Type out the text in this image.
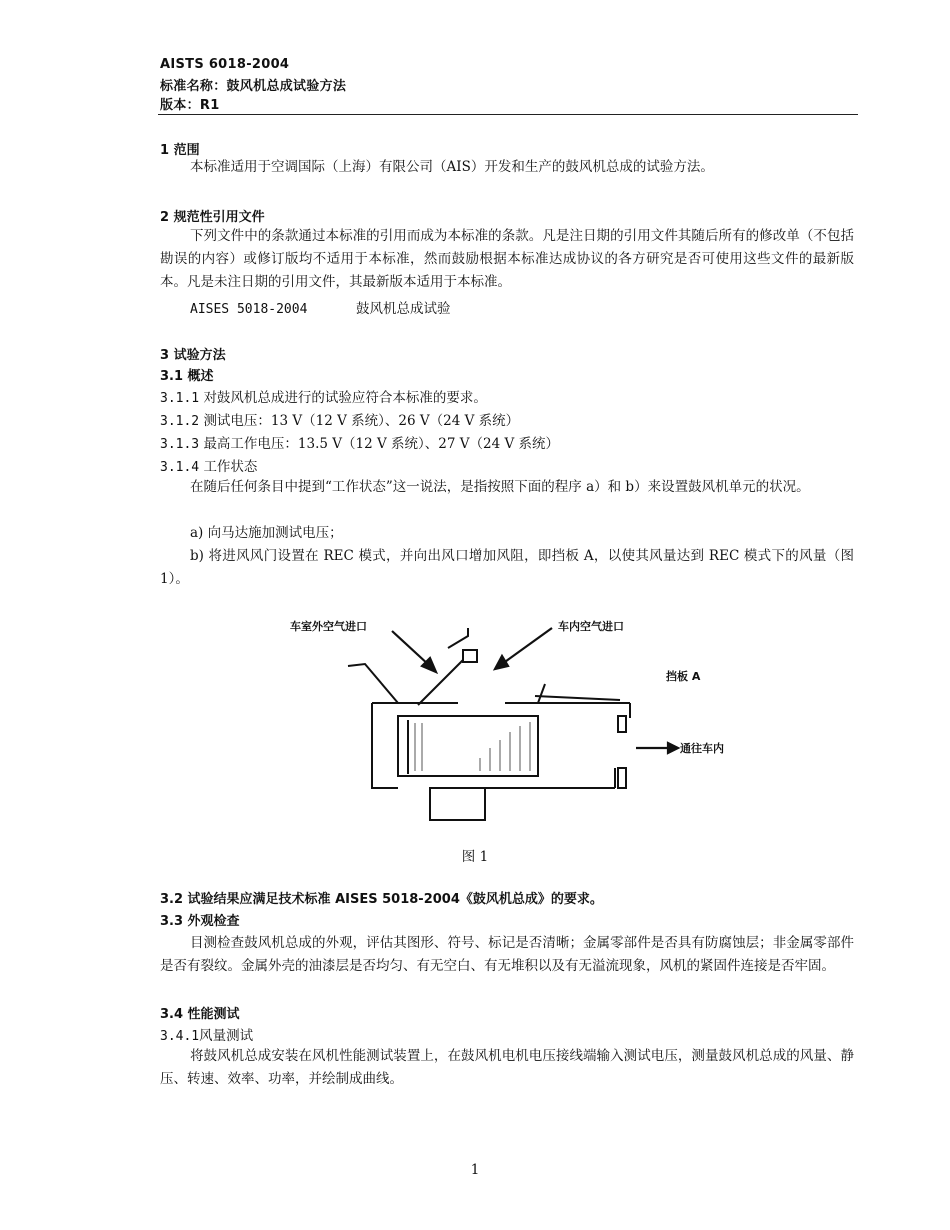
AISTS 6018-2004
标准名称：鼓风机总成试验方法
版本：R1
1 范围

本标准适用于空调国际（上海）有限公司（AIS）开发和生产的鼓风机总成的试验方法。

2 规范性引用文件

下列文件中的条款通过本标准的引用而成为本标准的条款。凡是注日期的引用文件其随后所有的修改单（不包括勘误的内容）或修订版均不适用于本标准，然而鼓励根据本标准达成协议的各方研究是否可使用这些文件的最新版本。凡是未注日期的引用文件，其最新版本适用于本标准。

AISES 5018-2004	鼓风机总成试验
3 试验方法
3.1 概述
3.1.1 对鼓风机总成进行的试验应符合本标准的要求。
3.1.2 测试电压：13 V（12 V 系统）、26 V（24 V 系统）
3.1.3 最高工作电压：13.5 V（12 V 系统）、27 V（24 V 系统）
3.1.4 工作状态

在随后任何条目中提到“工作状态”这一说法，是指按照下面的程序 a）和 b）来设置鼓风机单元的状况。

a) 向马达施加测试电压；

b) 将进风风门设置在 REC 模式，并向出风口增加风阻，即挡板 A，以使其风量达到 REC 模式下的风量（图 1）。

车室外空气进口	车内空气进口
挡板 A
通往车内
图 1
3.2 试验结果应满足技术标准 AISES 5018-2004《鼓风机总成》的要求。
3.3 外观检查

目测检查鼓风机总成的外观，评估其图形、符号、标记是否清晰；金属零部件是否具有防腐蚀层；非金属零部件是否有裂纹。金属外壳的油漆层是否均匀、有无空白、有无堆积以及有无溢流现象，风机的紧固件连接是否牢固。

3.4 性能测试
3.4.1风量测试

将鼓风机总成安装在风机性能测试装置上，在鼓风机电机电压接线端输入测试电压，测量鼓风机总成的风量、静压、转速、效率、功率，并绘制成曲线。

1
